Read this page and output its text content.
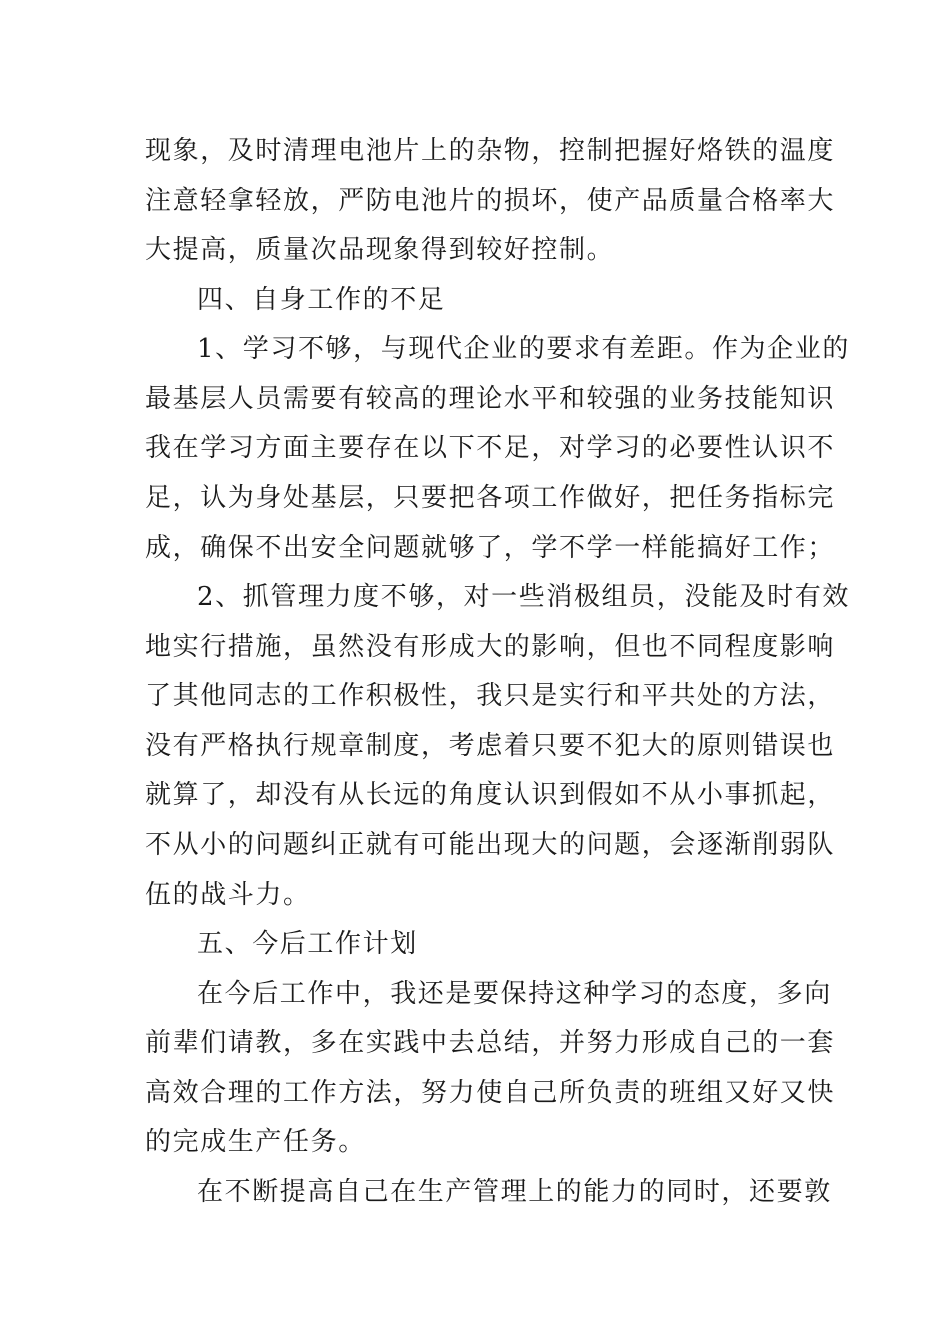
现象，及时清理电池片上的杂物，控制把握好烙铁的温度
注意轻拿轻放，严防电池片的损坏，使产品质量合格率大
大提高，质量次品现象得到较好控制。
四、自身工作的不足
1、学习不够，与现代企业的要求有差距。作为企业的
最基层人员需要有较高的理论水平和较强的业务技能知识
我在学习方面主要存在以下不足，对学习的必要性认识不
足，认为身处基层，只要把各项工作做好，把任务指标完
成，确保不出安全问题就够了，学不学一样能搞好工作；
2、抓管理力度不够，对一些消极组员，没能及时有效
地实行措施，虽然没有形成大的影响，但也不同程度影响
了其他同志的工作积极性，我只是实行和平共处的方法，
没有严格执行规章制度，考虑着只要不犯大的原则错误也
就算了，却没有从长远的角度认识到假如不从小事抓起，
不从小的问题纠正就有可能出现大的问题，会逐渐削弱队
伍的战斗力。
五、今后工作计划
在今后工作中，我还是要保持这种学习的态度，多向
前辈们请教，多在实践中去总结，并努力形成自己的一套
高效合理的工作方法，努力使自己所负责的班组又好又快
的完成生产任务。
在不断提高自己在生产管理上的能力的同时，还要敦
